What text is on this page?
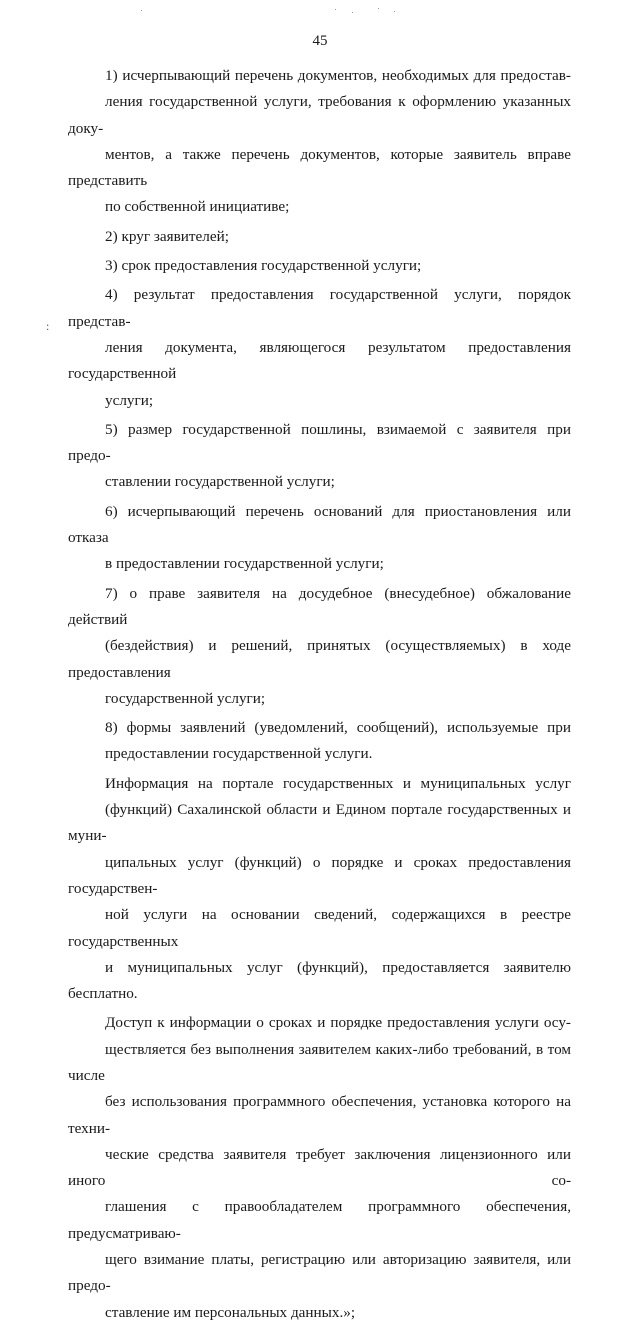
45
:

1) исчерпывающий перечень документов, необходимых для предостав-
ления государственной услуги, требования к оформлению указанных доку-
ментов, а также перечень документов, которые заявитель вправе представить
по собственной инициативе;

2) круг заявителей;

3) срок предоставления государственной услуги;

4) результат предоставления государственной услуги, порядок представ-
ления документа, являющегося результатом предоставления государственной
услуги;

5) размер государственной пошлины, взимаемой с заявителя при предо-
ставлении государственной услуги;

6) исчерпывающий перечень оснований для приостановления или отказа
в предоставлении государственной услуги;

7) о праве заявителя на досудебное (внесудебное) обжалование действий
(бездействия) и решений, принятых (осуществляемых) в ходе предоставления
государственной услуги;

8) формы заявлений (уведомлений, сообщений), используемые при
предоставлении государственной услуги.

Информация на портале государственных и муниципальных услуг
(функций) Сахалинской области и Едином портале государственных и муни-
ципальных услуг (функций) о порядке и сроках предоставления государствен-
ной услуги на основании сведений, содержащихся в реестре государственных
и муниципальных услуг (функций), предоставляется заявителю бесплатно.

Доступ к информации о сроках и порядке предоставления услуги осу-
ществляется без выполнения заявителем каких-либо требований, в том числе
без использования программного обеспечения, установка которого на техни-
ческие средства заявителя требует заключения лицензионного или иного со-
глашения с правообладателем программного обеспечения, предусматриваю-
щего взимание платы, регистрацию или авторизацию заявителя, или предо-
ставление им персональных данных.»;
